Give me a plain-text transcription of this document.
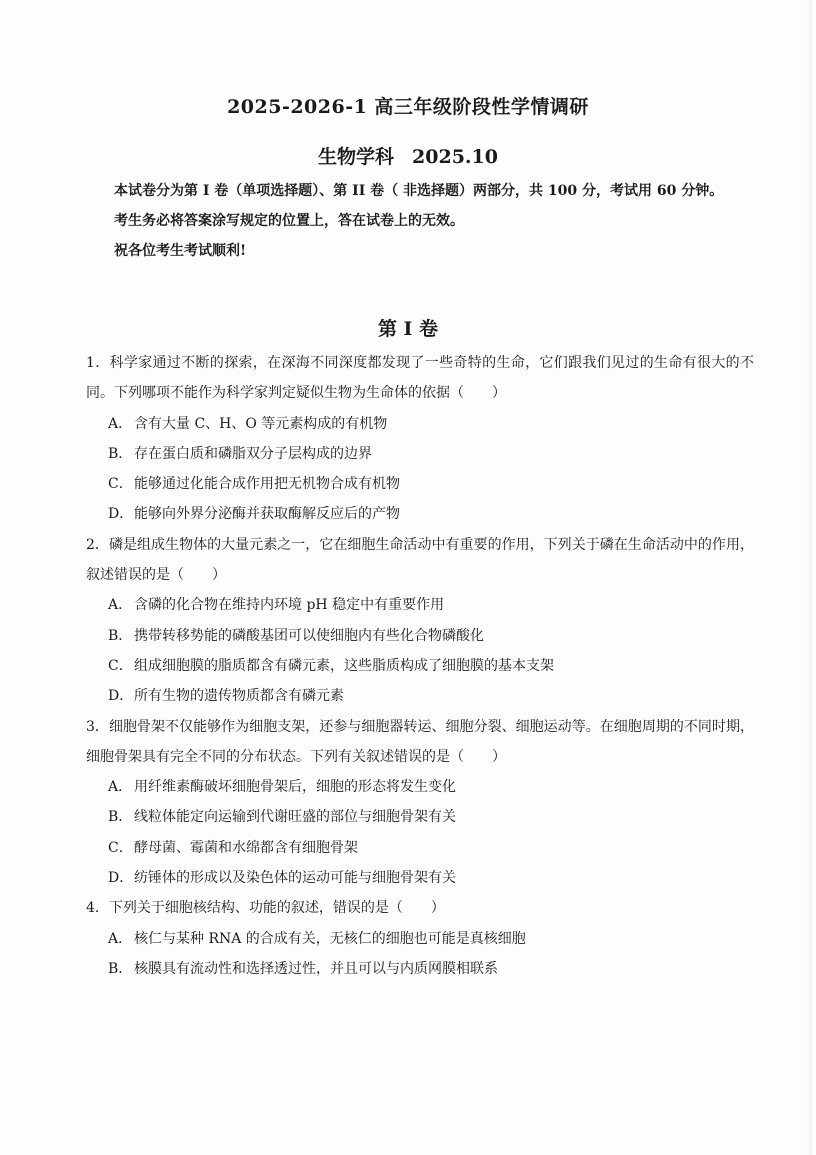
2025-2026-1 高三年级阶段性学情调研
生物学科 2025.10

本试卷分为第 I 卷（单项选择题）、第 II 卷（ 非选择题）两部分，共 100 分，考试用 60 分钟。

考生务必将答案涂写规定的位置上，答在试卷上的无效。

祝各位考生考试顺利!

第 I 卷

1．科学家通过不断的探索，在深海不同深度都发现了一些奇特的生命，它们跟我们见过的生命有很大的不同。下列哪项不能作为科学家判定疑似生物为生命体的依据（　　）

A． 含有大量 C、H、O 等元素构成的有机物
B． 存在蛋白质和磷脂双分子层构成的边界
C．能够通过化能合成作用把无机物合成有机物
D．能够向外界分泌酶并获取酶解反应后的产物

2．磷是组成生物体的大量元素之一，它在细胞生命活动中有重要的作用，下列关于磷在生命活动中的作用，叙述错误的是（　　）

A． 含磷的化合物在维持内环境 pH 稳定中有重要作用
B． 携带转移势能的磷酸基团可以使细胞内有些化合物磷酸化
C．组成细胞膜的脂质都含有磷元素，这些脂质构成了细胞膜的基本支架
D．所有生物的遗传物质都含有磷元素

3．细胞骨架不仅能够作为细胞支架，还参与细胞器转运、细胞分裂、细胞运动等。在细胞周期的不同时期，细胞骨架具有完全不同的分布状态。下列有关叙述错误的是（　　）

A． 用纤维素酶破坏细胞骨架后，细胞的形态将发生变化
B． 线粒体能定向运输到代谢旺盛的部位与细胞骨架有关
C．酵母菌、霉菌和水绵都含有细胞骨架
D．纺锤体的形成以及染色体的运动可能与细胞骨架有关

4．下列关于细胞核结构、功能的叙述，错误的是（　　）

A． 核仁与某种 RNA 的合成有关，无核仁的细胞也可能是真核细胞
B． 核膜具有流动性和选择透过性，并且可以与内质网膜相联系
